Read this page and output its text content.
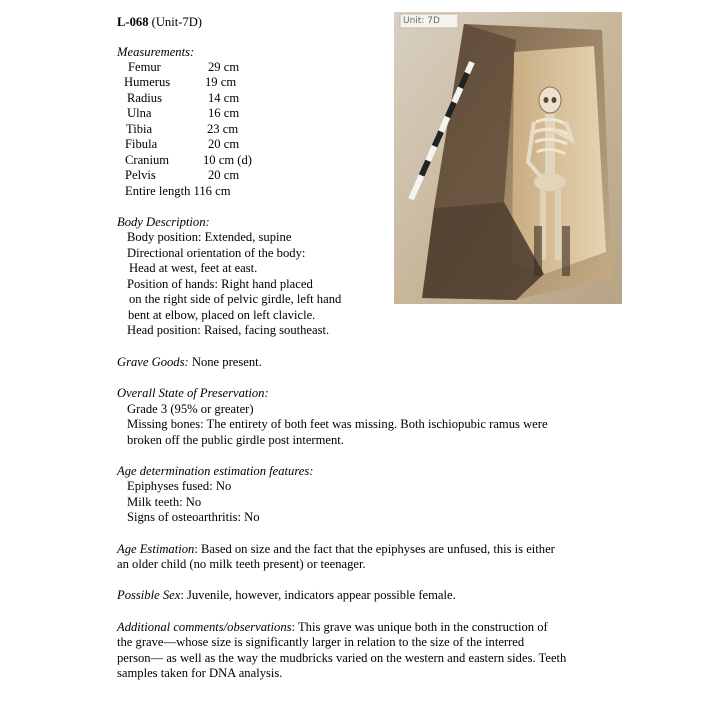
L-068 (Unit-7D)
Measurements:
Femur	29 cm
Humerus	19 cm
Radius	14 cm
Ulna	16 cm
Tibia	23 cm
Fibula	20 cm
Cranium	10 cm (d)
Pelvis	20 cm
Entire length 116 cm
Body Description:
Body position: Extended, supine
Directional orientation of the body:
Head at west, feet at east.
Position of hands: Right hand placed
on the right side of pelvic girdle, left hand
bent at elbow, placed on left clavicle.
Head position: Raised, facing southeast.
Grave Goods: None present.
Overall State of Preservation:
Grade 3 (95% or greater)
Missing bones: The entirety of both feet was missing. Both ischiopubic ramus were
broken off the public girdle post interment.
Age determination estimation features:
Epiphyses fused: No
Milk teeth: No
Signs of osteoarthritis: No
Age Estimation: Based on size and the fact that the epiphyses are unfused, this is either
an older child (no milk teeth present) or teenager.
Possible Sex: Juvenile, however, indicators appear possible female.
Additional comments/observations: This grave was unique both in the construction of
the grave—whose size is significantly larger in relation to the size of the interred
person— as well as the way the mudbricks varied on the western and eastern sides. Teeth
samples taken for DNA analysis.
Unit: 7D
